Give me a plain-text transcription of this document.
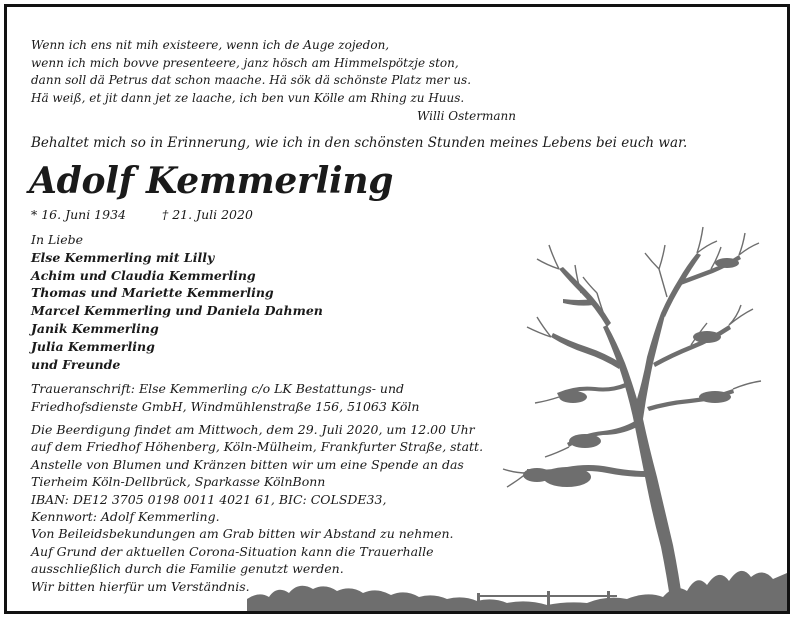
Wenn ich ens nit mih existeere, wenn ich de Auge zojedon,
wenn ich mich bovve presenteere, janz hösch am Himmelspötzje ston,
dann soll dä Petrus dat schon maache. Hä sök dä schönste Platz mer us.
Hä weiß, et jit dann jet ze laache, ich ben vun Kölle am Rhing zu Huus.
Willi Ostermann
Behaltet mich so in Erinnerung, wie ich in den schönsten Stunden meines Lebens bei euch war.
Adolf Kemmerling
* 16. Juni 1934	† 21. Juli 2020
In Liebe
Else Kemmerling mit Lilly
Achim und Claudia Kemmerling
Thomas und Mariette Kemmerling
Marcel Kemmerling und Daniela Dahmen
Janik Kemmerling
Julia Kemmerling
und Freunde
Traueranschrift: Else Kemmerling c/o LK Bestattungs- und
Friedhofsdienste GmbH, Windmühlenstraße 156, 51063 Köln
Die Beerdigung findet am Mittwoch, dem 29. Juli 2020, um 12.00 Uhr
auf dem Friedhof Höhenberg, Köln-Mülheim, Frankfurter Straße, statt.
Anstelle von Blumen und Kränzen bitten wir um eine Spende an das
Tierheim Köln-Dellbrück, Sparkasse KölnBonn
IBAN: DE12 3705 0198 0011 4021 61, BIC: COLSDE33,
Kennwort: Adolf Kemmerling.
Von Beileidsbekundungen am Grab bitten wir Abstand zu nehmen.
Auf Grund der aktuellen Corona-Situation kann die Trauerhalle
ausschließlich durch die Familie genutzt werden.
Wir bitten hierfür um Verständnis.
